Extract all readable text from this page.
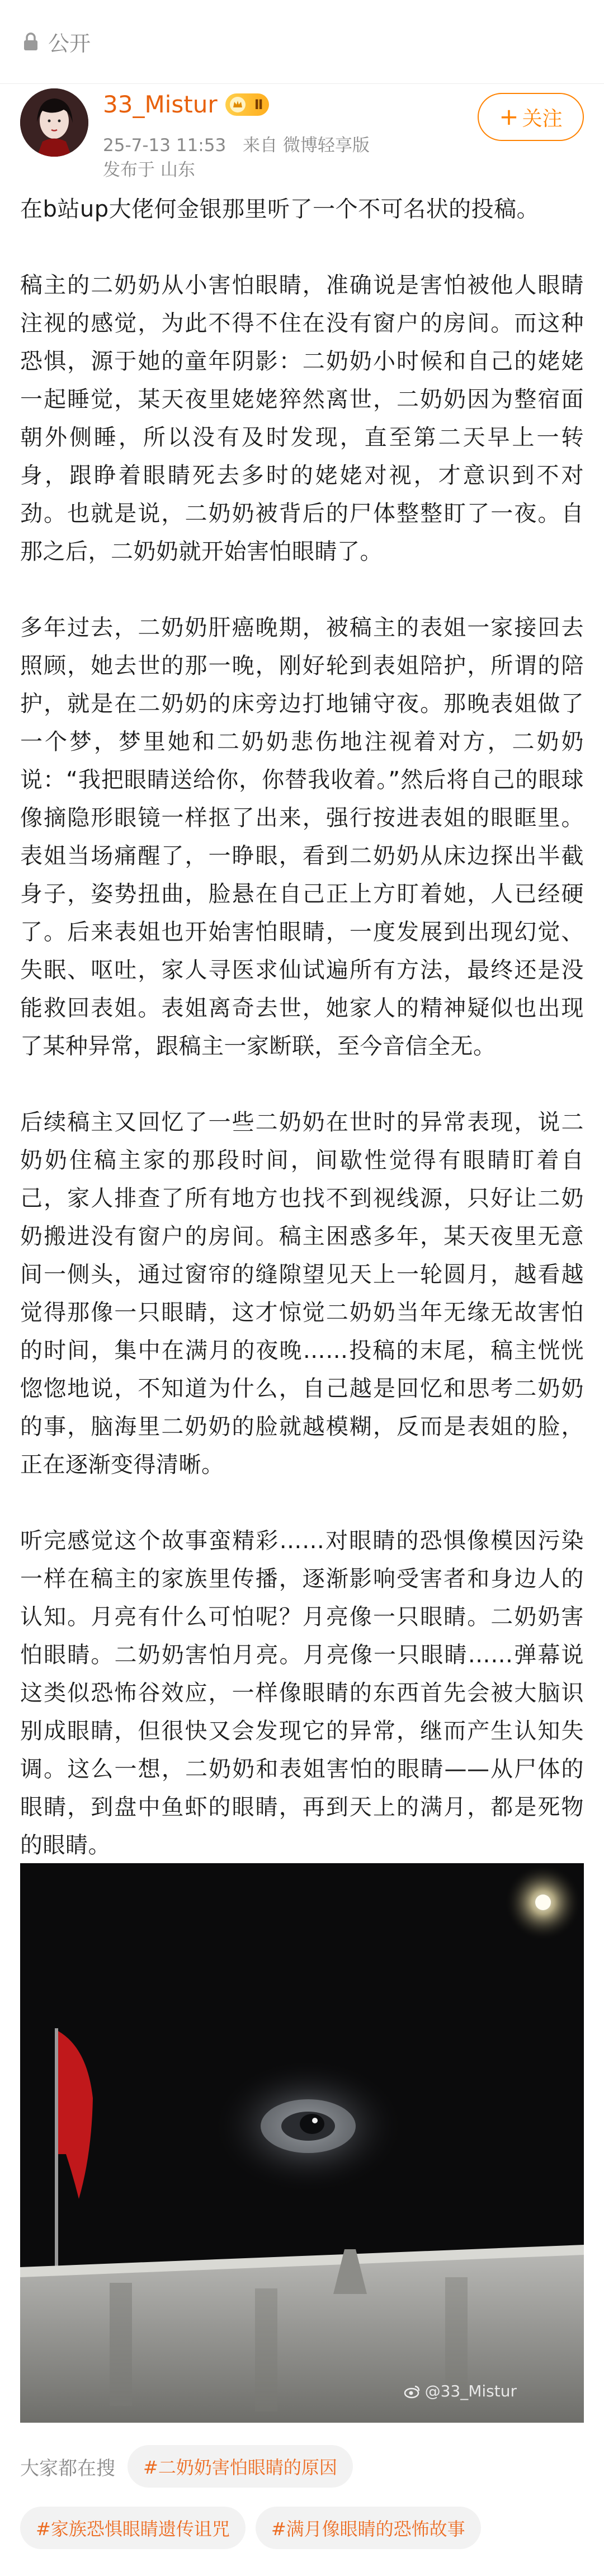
公开
33_Mistur	Ⅱ
25-7-13 11:53 来自 微博轻享版
发布于 山东
+ 关注

在b站up大佬何金银那里听了一个不可名状的投稿。

稿主的二奶奶从小害怕眼睛，准确说是害怕被他人眼睛注视的感觉，为此不得不住在没有窗户的房间。而这种恐惧，源于她的童年阴影：二奶奶小时候和自己的姥姥一起睡觉，某天夜里姥姥猝然离世，二奶奶因为整宿面朝外侧睡，所以没有及时发现，直至第二天早上一转身，跟睁着眼睛死去多时的姥姥对视，才意识到不对劲。也就是说，二奶奶被背后的尸体整整盯了一夜。自那之后，二奶奶就开始害怕眼睛了。

多年过去，二奶奶肝癌晚期，被稿主的表姐一家接回去照顾，她去世的那一晚，刚好轮到表姐陪护，所谓的陪护，就是在二奶奶的床旁边打地铺守夜。那晚表姐做了一个梦，梦里她和二奶奶悲伤地注视着对方，二奶奶说：“我把眼睛送给你，你替我收着。”然后将自己的眼球像摘隐形眼镜一样抠了出来，强行按进表姐的眼眶里。表姐当场痛醒了，一睁眼，看到二奶奶从床边探出半截身子，姿势扭曲，脸悬在自己正上方盯着她，人已经硬了。后来表姐也开始害怕眼睛，一度发展到出现幻觉、失眠、呕吐，家人寻医求仙试遍所有方法，最终还是没能救回表姐。表姐离奇去世，她家人的精神疑似也出现了某种异常，跟稿主一家断联，至今音信全无。

后续稿主又回忆了一些二奶奶在世时的异常表现，说二奶奶住稿主家的那段时间，间歇性觉得有眼睛盯着自己，家人排查了所有地方也找不到视线源，只好让二奶奶搬进没有窗户的房间。稿主困惑多年，某天夜里无意间一侧头，通过窗帘的缝隙望见天上一轮圆月，越看越觉得那像一只眼睛，这才惊觉二奶奶当年无缘无故害怕的时间，集中在满月的夜晚……投稿的末尾，稿主恍恍惚惚地说，不知道为什么，自己越是回忆和思考二奶奶的事，脑海里二奶奶的脸就越模糊，反而是表姐的脸，正在逐渐变得清晰。

听完感觉这个故事蛮精彩……对眼睛的恐惧像模因污染一样在稿主的家族里传播，逐渐影响受害者和身边人的认知。月亮有什么可怕呢？月亮像一只眼睛。二奶奶害怕眼睛。二奶奶害怕月亮。月亮像一只眼睛……弹幕说这类似恐怖谷效应，一样像眼睛的东西首先会被大脑识别成眼睛，但很快又会发现它的异常，继而产生认知失调。这么一想，二奶奶和表姐害怕的眼睛——从尸体的眼睛，到盘中鱼虾的眼睛，再到天上的满月，都是死物的眼睛。

@33_Mistur
大家都在搜	#二奶奶害怕眼睛的原因
#家族恐惧眼睛遗传诅咒	#满月像眼睛的恐怖故事
